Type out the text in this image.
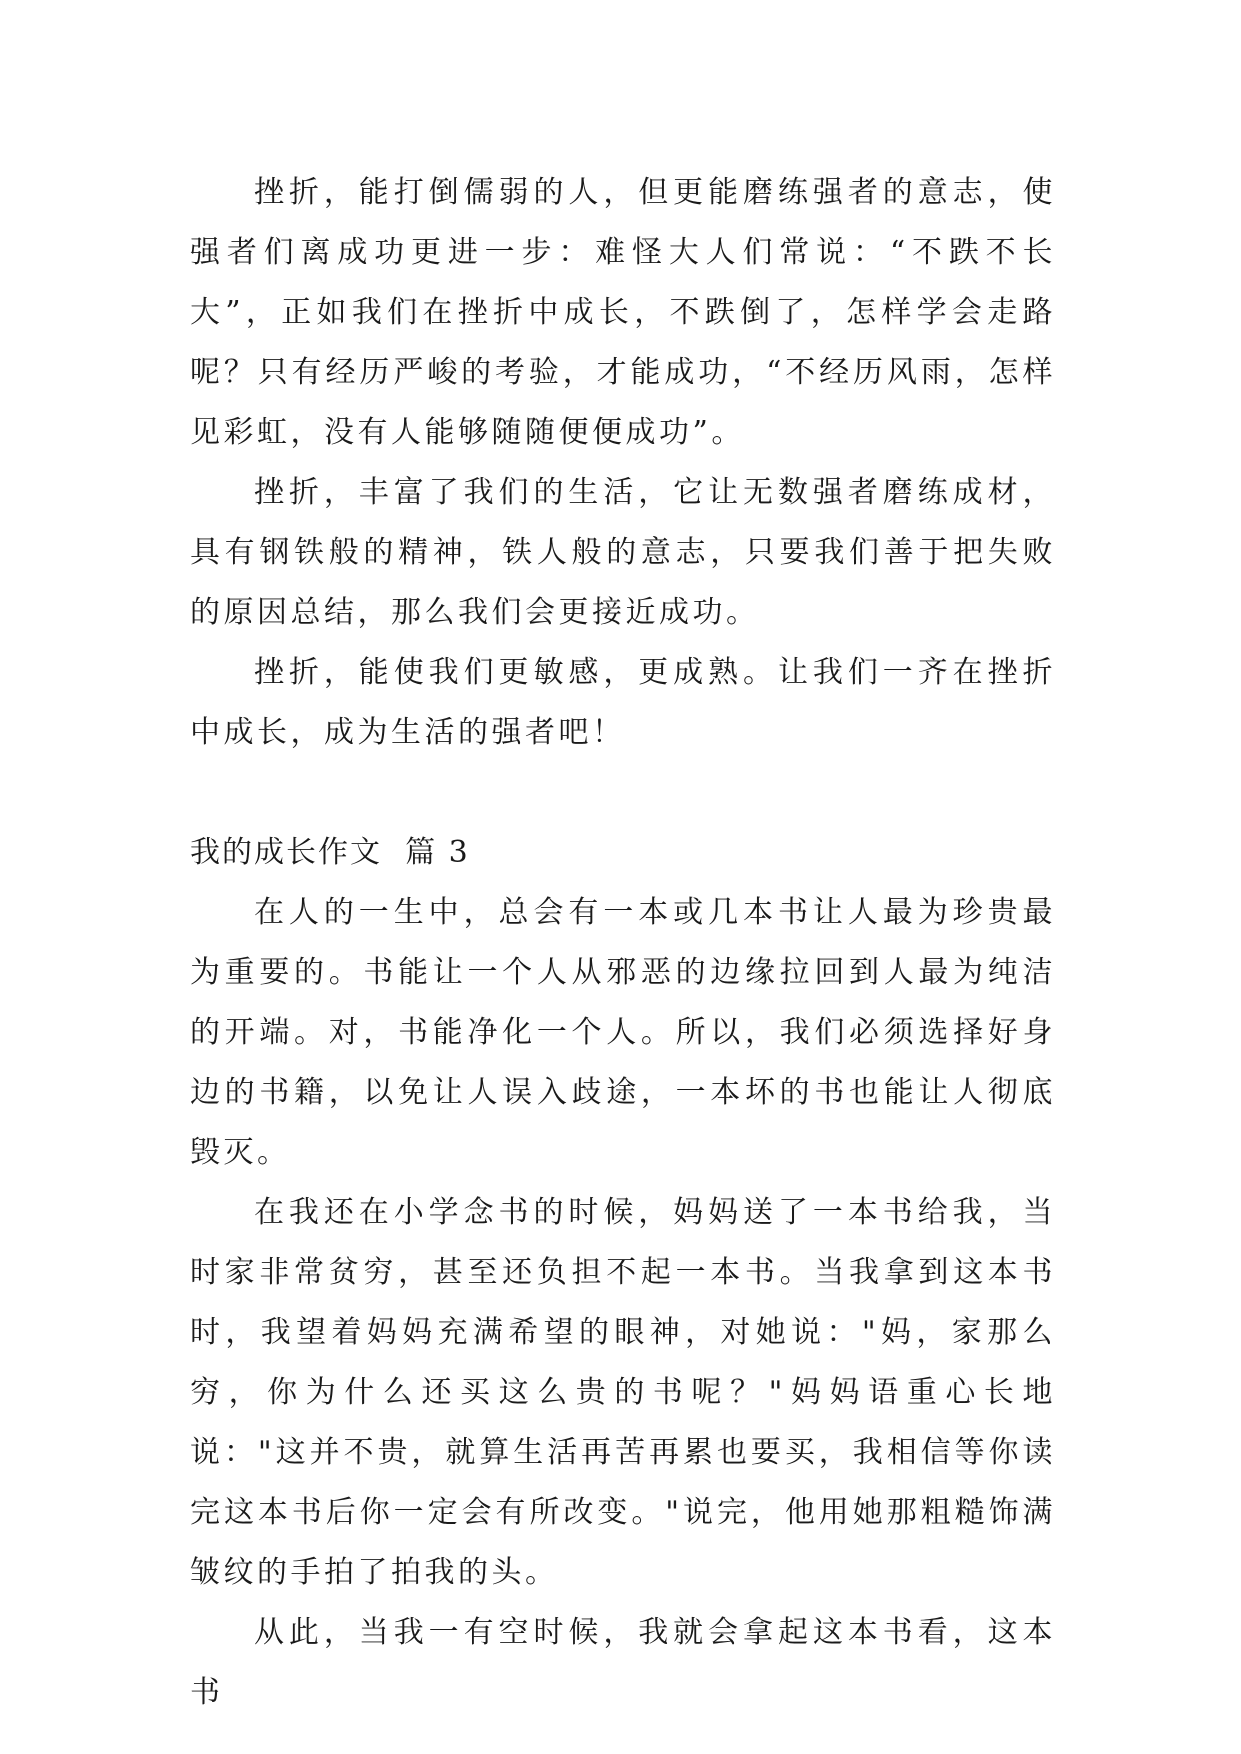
挫折，能打倒儒弱的人，但更能磨练强者的意志，使强者们离成功更进一步：难怪大人们常说：“不跌不长大”，正如我们在挫折中成长，不跌倒了，怎样学会走路呢？只有经历严峻的考验，才能成功，“不经历风雨，怎样见彩虹，没有人能够随随便便成功”。

挫折，丰富了我们的生活，它让无数强者磨练成材，具有钢铁般的精神，铁人般的意志，只要我们善于把失败的原因总结，那么我们会更接近成功。

挫折，能使我们更敏感，更成熟。让我们一齐在挫折中成长，成为生活的强者吧！

我的成长作文  篇 3

在人的一生中，总会有一本或几本书让人最为珍贵最为重要的。书能让一个人从邪恶的边缘拉回到人最为纯洁的开端。对，书能净化一个人。所以，我们必须选择好身边的书籍，以免让人误入歧途，一本坏的书也能让人彻底毁灭。

在我还在小学念书的时候，妈妈送了一本书给我，当时家非常贫穷，甚至还负担不起一本书。当我拿到这本书时，我望着妈妈充满希望的眼神，对她说："妈，家那么穷，你为什么还买这么贵的书呢？"妈妈语重心长地说："这并不贵，就算生活再苦再累也要买，我相信等你读完这本书后你一定会有所改变。"说完，他用她那粗糙饰满皱纹的手拍了拍我的头。

从此，当我一有空时候，我就会拿起这本书看，这本书
